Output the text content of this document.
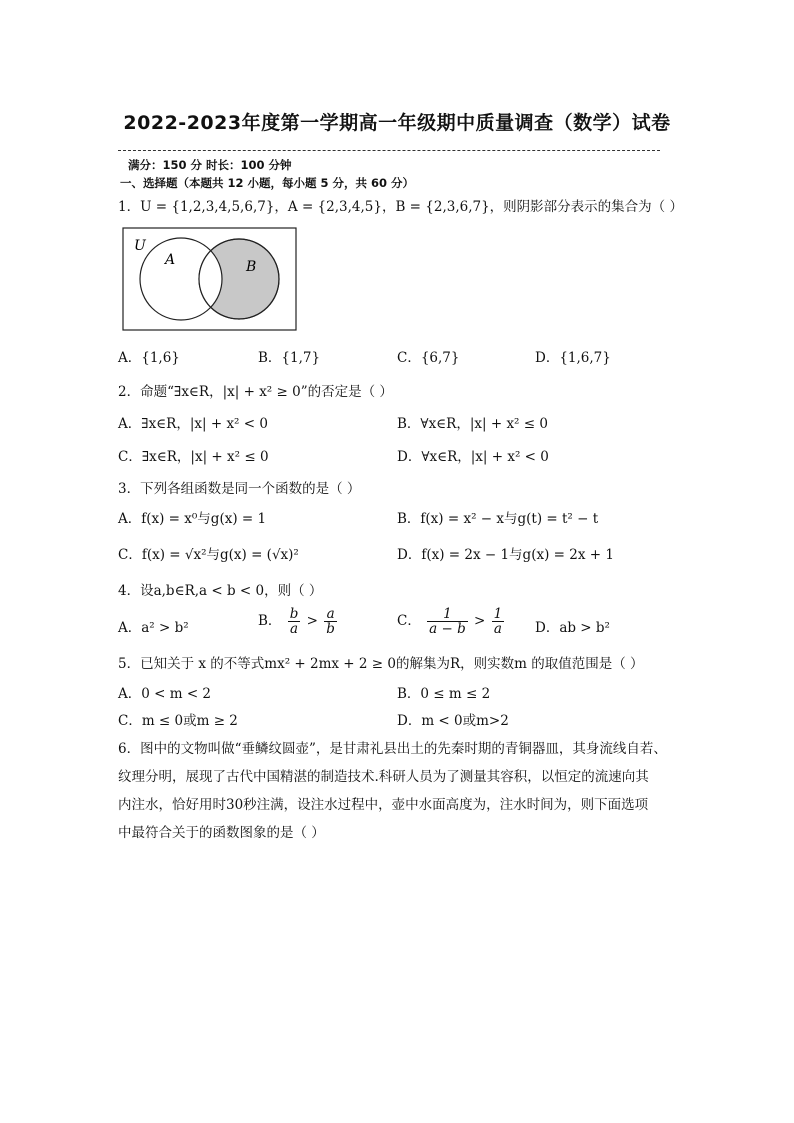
2022-2023年度第一学期高一年级期中质量调查（数学）试卷
满分：150 分 时长：100 分钟
一、选择题（本题共 12 小题，每小题 5 分，共 60 分）
1．U = {1,2,3,4,5,6,7}，A = {2,3,4,5}，B = {2,3,6,7}，则阴影部分表示的集合为（ ）
U
A	B
A．{1,6}	B．{1,7}	C．{6,7}	D．{1,6,7}
2．命题“∃x∈R，|x| + x² ≥ 0”的否定是（ ）
A．∃x∈R，|x| + x² < 0	B．∀x∈R，|x| + x² ≤ 0
C．∃x∈R，|x| + x² ≤ 0	D．∀x∈R，|x| + x² < 0
3．下列各组函数是同一个函数的是（ ）
A．f(x) = x⁰与g(x) = 1	B．f(x) = x² − x与g(t) = t² − t
C．f(x) = √x²与g(x) = (√x)²	D．f(x) = 2x − 1与g(x) = 2x + 1
4．设a,b∈R,a < b < 0，则（ ）
A．a² > b²	B． $\frac{b}{a} > \frac{a}{b}$	C． $\frac{1}{a - b} > \frac{1}{a}$ D．ab > b²
5．已知关于 x 的不等式mx² + 2mx + 2 ≥ 0的解集为R，则实数m 的取值范围是（ ）
A．0 < m < 2	B．0 ≤ m ≤ 2
C．m ≤ 0或m ≥ 2	D．m < 0或m>2
6．图中的文物叫做“垂鳞纹圆壶”，是甘肃礼县出土的先秦时期的青铜器皿，其身流线自若、
纹理分明，展现了古代中国精湛的制造技术.科研人员为了测量其容积，以恒定的流速向其
内注水，恰好用时30秒注满，设注水过程中，壶中水面高度为，注水时间为，则下面选项
中最符合关于的函数图象的是（ ）
